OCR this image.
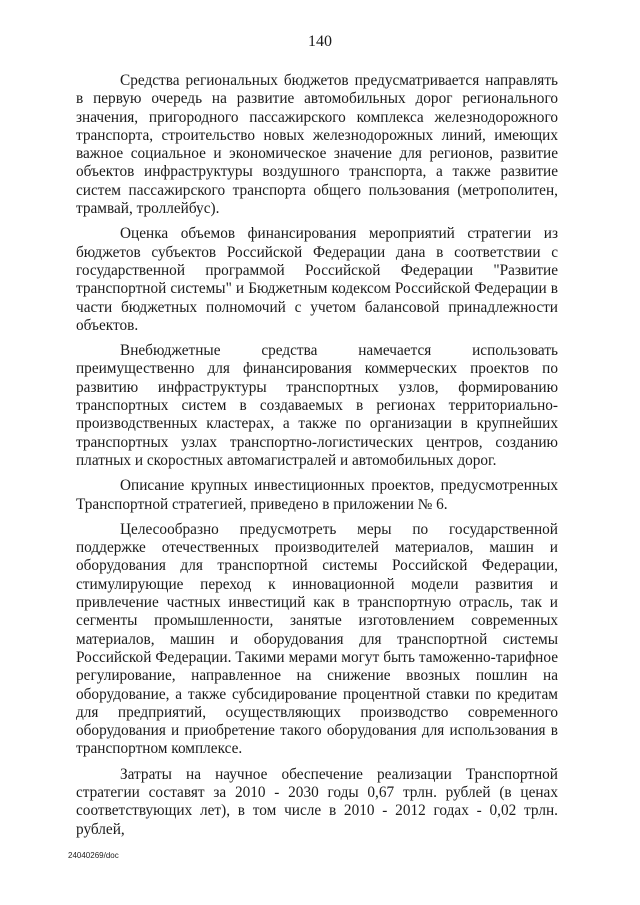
140

Средства региональных бюджетов предусматривается направлять в первую очередь на развитие автомобильных дорог регионального значения, пригородного пассажирского комплекса железнодорожного транспорта, строительство новых железнодорожных линий, имеющих важное социальное и экономическое значение для регионов, развитие объектов инфраструктуры воздушного транспорта, а также развитие систем пассажирского транспорта общего пользования (метрополитен, трамвай, троллейбус).

Оценка объемов финансирования мероприятий стратегии из бюджетов субъектов Российской Федерации дана в соответствии с государственной программой Российской Федерации "Развитие транспортной системы" и Бюджетным кодексом Российской Федерации в части бюджетных полномочий с учетом балансовой принадлежности объектов.

Внебюджетные средства намечается использовать преимущественно для финансирования коммерческих проектов по развитию инфраструктуры транспортных узлов, формированию транспортных систем в создаваемых в регионах территориально-производственных кластерах, а также по организации в крупнейших транспортных узлах транспортно-логистических центров, созданию платных и скоростных автомагистралей и автомобильных дорог.

Описание крупных инвестиционных проектов, предусмотренных Транспортной стратегией, приведено в приложении № 6.

Целесообразно предусмотреть меры по государственной поддержке отечественных производителей материалов, машин и оборудования для транспортной системы Российской Федерации, стимулирующие переход к инновационной модели развития и привлечение частных инвестиций как в транспортную отрасль, так и сегменты промышленности, занятые изготовлением современных материалов, машин и оборудования для транспортной системы Российской Федерации. Такими мерами могут быть таможенно-тарифное регулирование, направленное на снижение ввозных пошлин на оборудование, а также субсидирование процентной ставки по кредитам для предприятий, осуществляющих производство современного оборудования и приобретение такого оборудования для использования в транспортном комплексе.

Затраты на научное обеспечение реализации Транспортной стратегии составят за 2010 - 2030 годы 0,67 трлн. рублей (в ценах соответствующих лет), в том числе в 2010 - 2012 годах - 0,02 трлн. рублей,

24040269/doc
